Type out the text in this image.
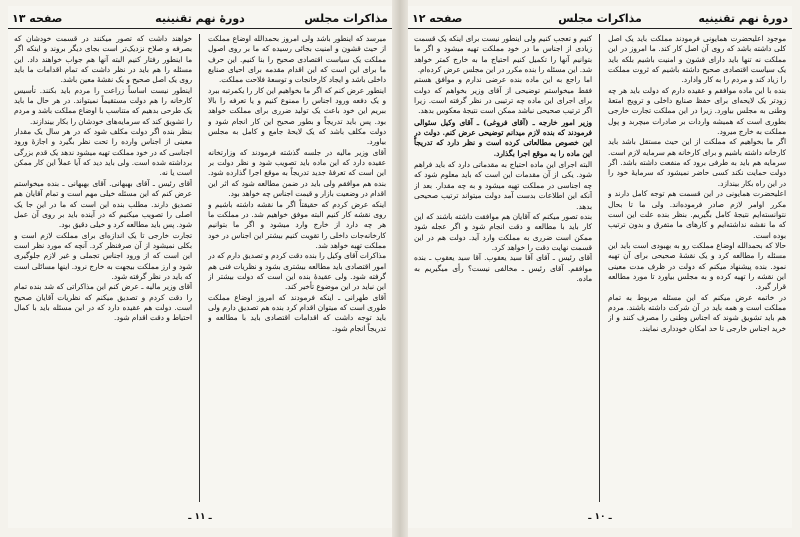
مذاکرات مجلس
دورهٔ نهم تقنینیه
صفحه ۱۳

میرسد که اینطور باشد ولی امروز بحمدالله اوضاع مملکت از حیث قشون و امنیت بجائی رسیده که ما بر روی اصول مملکت یک سیاست اقتصادی صحیح را بنا کنیم. این حرف ما برای این است که این اقدام مقدمه برای احیای صنایع داخلی باشد و ایجاد کارخانجات و توسعهٔ فلاحت مملکت.

اینطور عرض کنم که اگر ما بخواهیم این کار را یکمرتبه ببرد و یک دفعه ورود اجناس را ممنوع کنیم و یا تعرفه را بالا ببریم این خود باعث یک تولید ضرری برای مملکت خواهد بود. پس باید تدریجاً و بطور صحیح این کار انجام شود و دولت مکلف باشد که یک لایحهٔ جامع و کامل به مجلس بیاورد.

آقای وزیر مالیه در جلسه گذشته فرمودند که وزارتخانه عقیده دارد که این ماده باید تصویب شود و نظر دولت بر این است که تعرفهٔ جدید تدریجاً به موقع اجرا گذارده شود. بنده هم موافقم ولی باید در ضمن مطالعه شود که اثر این اقدام در وضعیت بازار و قیمت اجناس چه خواهد بود.

اینکه عرض کردم که حقیقتاً اگر ما نقشه داشته باشیم و روی نقشه کار کنیم البته موفق خواهیم شد. در مملکت ما هر چه دارد از خارج وارد میشود و اگر ما بتوانیم کارخانه‌جات داخلی را تقویت کنیم بیشتر این اجناس در خود مملکت تهیه خواهد شد.

مذاکرات آقای وکیل را بنده دقت کردم و تصدیق دارم که در امور اقتصادی باید مطالعه بیشتری بشود و نظریات فنی هم گرفته شود. ولی عقیدهٔ بنده این است که دولت بیشتر از این نباید در این موضوع تأخیر کند.

آقای طهرانی ـ اینکه فرمودند که امروز اوضاع مملکت طوری است که میتوان اقدام کرد بنده هم تصدیق دارم ولی باید توجه داشت که اقدامات اقتصادی باید با مطالعه و تدریجاً انجام شود.

خواهند داشت که تصور میکنند در قسمت خودشان که بصرفه و صلاح نزدیک‌تر است بجای دیگر بروند و اینکه اگر ما اینطور رفتار کنیم البته آنها هم جواب خواهند داد. این مسئله را هم باید در نظر داشت که تمام اقدامات ما باید روی یک اصل صحیح و یک نقشهٔ معین باشد.

اینطور نیست اساساً زراعت را مردم باید بکنند. تأسیس کارخانه را هم دولت مستقیماً نمیتواند. در هر حال ما باید یک طرحی بدهیم که متناسب با اوضاع مملکت باشد و مردم را تشویق کند که سرمایه‌های خودشان را بکار بیندازند.

بنظر بنده اگر دولت مکلف شود که در هر سال یک مقدار معینی از اجناس وارده را تحت نظر بگیرد و اجازهٔ ورود اجناسی که در خود مملکت تهیه میشود ندهد یک قدم بزرگی برداشته شده است. ولی باید دید که آیا عملاً این کار ممکن است یا نه.

آقای رئیس ـ آقای بهبهانی. آقای بهبهانی ـ بنده میخواستم عرض کنم که این مسئله خیلی مهم است و تمام آقایان هم تصدیق دارند. مطلب بنده این است که ما در این جا یک اصلی را تصویب میکنیم که در آینده باید بر روی آن عمل شود. پس باید مطالعه کرد و خیلی دقیق بود.

تجارت خارجی تا یک اندازه‌ای برای مملکت لازم است و بکلی نمیشود از آن صرفنظر کرد. آنچه که مورد نظر است این است که از ورود اجناس تجملی و غیر لازم جلوگیری شود و ارز مملکت بیجهت به خارج نرود. اینها مسائلی است که باید در نظر گرفته شود.

آقای وزیر مالیه ـ عرض کنم این مذاکراتی که شد بنده تمام را دقت کردم و تصدیق میکنم که نظریات آقایان صحیح است. دولت هم عقیده دارد که در این مسئله باید با کمال احتیاط و دقت اقدام شود.

ـ ۱۱ ـ
دورهٔ نهم تقنینیه
مذاکرات مجلس
صفحه ۱۲

موجود اعلیحضرت همایونی فرمودند مملکت باید یک اصل کلی داشته باشد که روی آن اصل کار کند. ما امروز در این مملکت نه تنها باید دارای قشون و امنیت باشیم بلکه باید یک سیاست اقتصادی صحیح داشته باشیم که ثروت مملکت را زیاد کند و مردم را به کار وادارد.

بنده با این ماده موافقم و عقیده دارم که دولت باید هر چه زودتر یک لایحه‌ای برای حفظ صنایع داخلی و ترویج امتعهٔ وطنی به مجلس بیاورد. زیرا در این مملکت تجارت خارجی بطوری است که همیشه واردات بر صادرات میچربد و پول مملکت به خارج میرود.

اگر ما بخواهیم که مملکت از این حیث مستقل باشد باید کارخانه داشته باشیم و برای کارخانه هم سرمایه لازم است. سرمایه هم باید به طرفی برود که منفعت داشته باشد. اگر دولت حمایت نکند کسی حاضر نمیشود که سرمایهٔ خود را در این راه بکار بیندازد.

اعلیحضرت همایونی در این قسمت هم توجه کامل دارند و مکرر اوامر لازم صادر فرموده‌اند. ولی ما تا بحال نتوانسته‌ایم نتیجهٔ کامل بگیریم. بنظر بنده علت این است که ما نقشه نداشته‌ایم و کارهای ما متفرق و بدون ترتیب بوده است.

حالا که بحمدالله اوضاع مملکت رو به بهبودی است باید این مسئله را مطالعه کرد و یک نقشهٔ صحیحی برای آن تهیه نمود. بنده پیشنهاد میکنم که دولت در ظرف مدت معینی این نقشه را تهیه کرده و به مجلس بیاورد تا مورد مطالعه قرار گیرد.

در خاتمه عرض میکنم که این مسئله مربوط به تمام مملکت است و همه باید در آن شرکت داشته باشند. مردم هم باید تشویق شوند که اجناس وطنی را مصرف کنند و از خرید اجناس خارجی تا حد امکان خودداری نمایند.

کنیم و تعجب کنیم ولی اینطور نیست برای اینکه یک قسمت زیادی از اجناس ما در خود مملکت تهیه میشود و اگر ما بتوانیم آنها را تکمیل کنیم احتیاج ما به خارج کمتر خواهد شد. این مسئله را بنده مکرر در این مجلس عرض کرده‌ام.

اما راجع به این ماده بنده عرضی ندارم و موافق هستم فقط میخواستم توضیحی از آقای وزیر بخواهم که دولت برای اجرای این ماده چه ترتیبی در نظر گرفته است. زیرا اگر ترتیب صحیحی نباشد ممکن است نتیجهٔ معکوس بدهد.

وزیر امور خارجه ـ (آقای فروغی) ـ آقای وکیل سئوالی فرمودند که بنده لازم میدانم توضیحی عرض کنم. دولت در این خصوص مطالعاتی کرده است و نظر دارد که تدریجاً این ماده را به موقع اجرا بگذارد.

البته اجرای این ماده احتیاج به مقدماتی دارد که باید فراهم شود. یکی از آن مقدمات این است که باید معلوم شود که چه اجناسی در مملکت تهیه میشود و به چه مقدار. بعد از آنکه این اطلاعات بدست آمد دولت میتواند ترتیب صحیحی بدهد.

بنده تصور میکنم که آقایان هم موافقت داشته باشند که این کار باید با مطالعه و دقت انجام شود و اگر عجله شود ممکن است ضرری به مملکت وارد آید. دولت هم در این قسمت نهایت دقت را خواهد کرد.

آقای رئیس ـ آقای آقا سید یعقوب. آقا سید یعقوب ـ بنده موافقم. آقای رئیس ـ مخالفی نیست؟ رأی میگیریم به ماده.

ـ ۱۰ ـ
